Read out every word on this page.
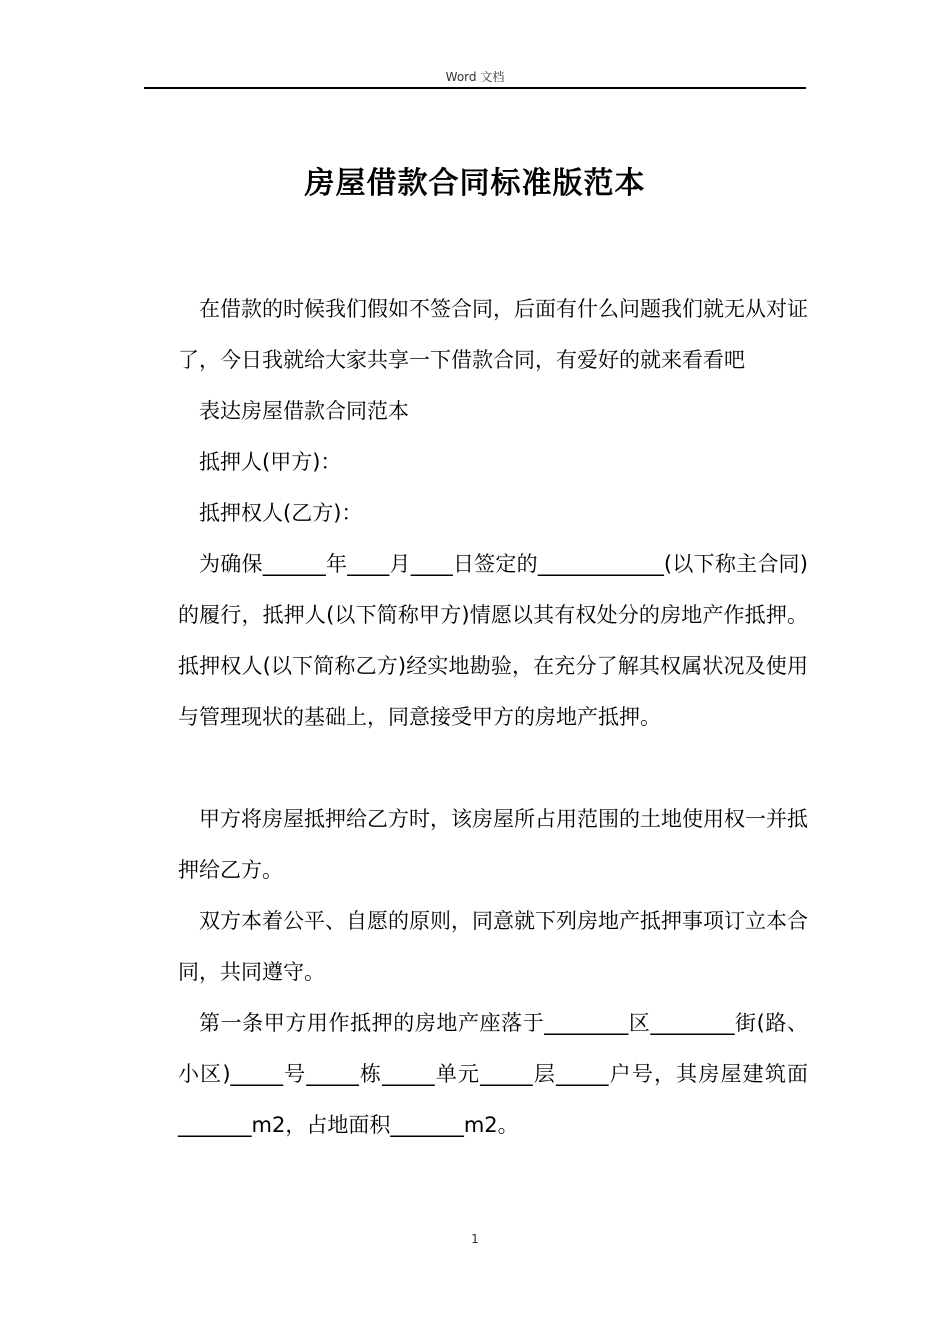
Word 文档
房屋借款合同标准版范本

在借款的时候我们假如不签合同，后面有什么问题我们就无从对证了，今日我就给大家共享一下借款合同，有爱好的就来看看吧

表达房屋借款合同范本

抵押人(甲方)：

抵押权人(乙方)：

为确保______年____月____日签定的____________(以下称主合同)的履行，抵押人(以下简称甲方)情愿以其有权处分的房地产作抵押。抵押权人(以下简称乙方)经实地勘验，在充分了解其权属状况及使用与管理现状的基础上，同意接受甲方的房地产抵押。

甲方将房屋抵押给乙方时，该房屋所占用范围的土地使用权一并抵押给乙方。

双方本着公平、自愿的原则，同意就下列房地产抵押事项订立本合同，共同遵守。

第一条甲方用作抵押的房地产座落于________区________街(路、小区)_____号_____栋_____单元_____层_____户号，其房屋建筑面_______m2，占地面积_______m2。

1
